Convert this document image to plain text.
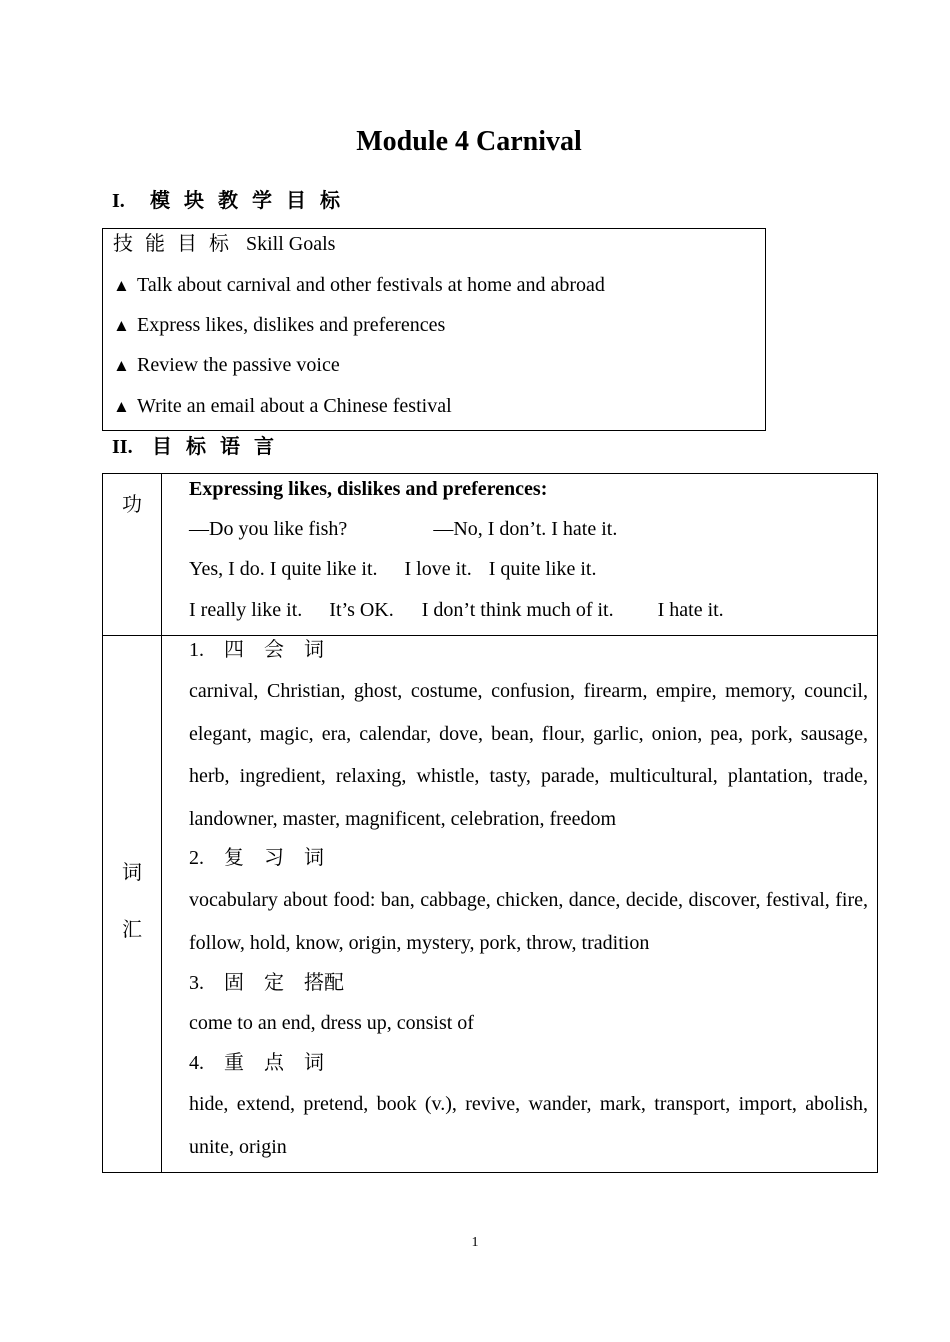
Module 4 Carnival
I. 模块教学目标
技能目标 Skill Goals
▲ Talk about carnival and other festivals at home and abroad
▲ Express likes, dislikes and preferences
▲ Review the passive voice
▲ Write an email about a Chinese festival
II. 目标语言
功
Expressing likes, dislikes and preferences:
—Do you like fish?	—No, I don’t. I hate it.
Yes, I do. I quite like it. I love it. I quite like it.
I really like it. It’s OK. I don’t think much of it. I hate it.
词
汇
1.　四　会　词
carnival, Christian, ghost, costume, confusion, firearm, empire, memory, council, elegant, magic, era, calendar, dove, bean, flour, garlic, onion, pea, pork, sausage, herb, ingredient, relaxing, whistle, tasty, parade, multicultural, plantation, trade, landowner, master, magnificent, celebration, freedom
2.　复　习　词
vocabulary about food: ban, cabbage, chicken, dance, decide, discover, festival, fire, follow, hold, know, origin, mystery, pork, throw, tradition
3.　固　定　搭配
come to an end, dress up, consist of
4.　重　点　词
hide, extend, pretend, book (v.), revive, wander, mark, transport, import, abolish, unite, origin
1
